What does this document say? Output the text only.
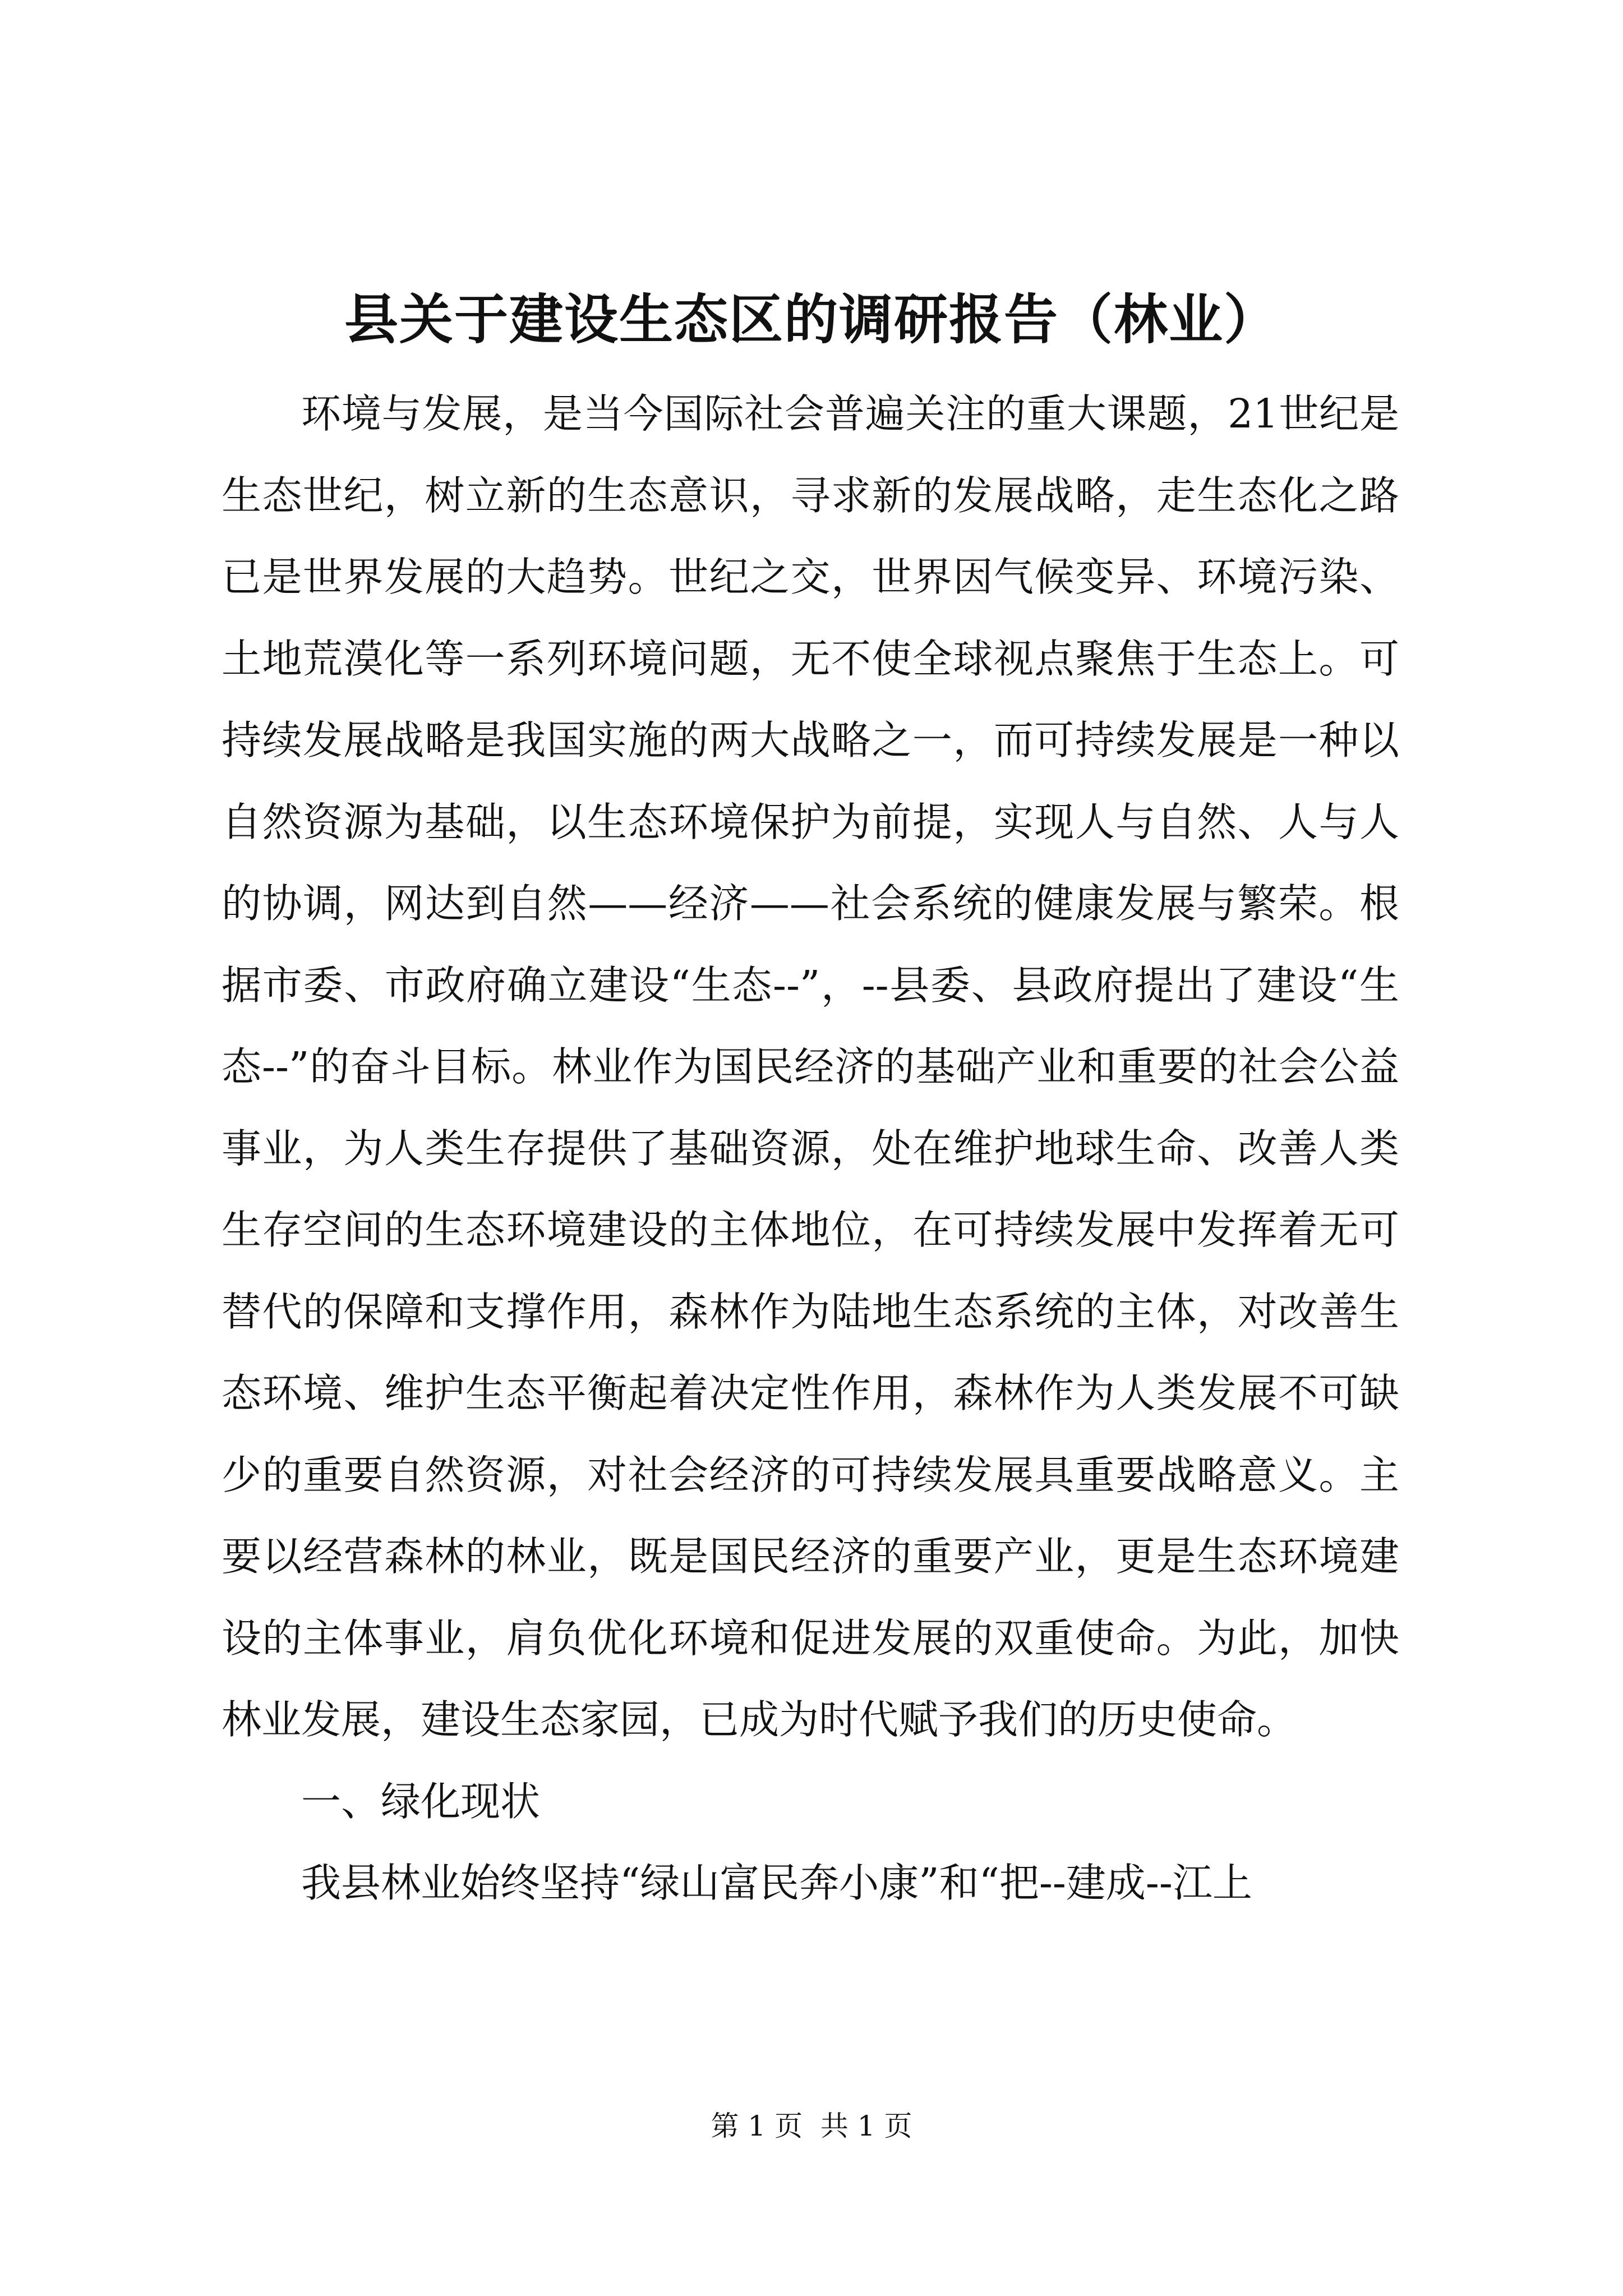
县关于建设生态区的调研报告（林业）

环境与发展，是当今国际社会普遍关注的重大课题，21世纪是生态世纪，树立新的生态意识，寻求新的发展战略，走生态化之路已是世界发展的大趋势。世纪之交，世界因气候变异、环境污染、土地荒漠化等一系列环境问题，无不使全球视点聚焦于生态上。可持续发展战略是我国实施的两大战略之一，而可持续发展是一种以自然资源为基础，以生态环境保护为前提，实现人与自然、人与人的协调，网达到自然——经济——社会系统的健康发展与繁荣。根据市委、市政府确立建设“生态--”，--县委、县政府提出了建设“生态--”的奋斗目标。林业作为国民经济的基础产业和重要的社会公益事业，为人类生存提供了基础资源，处在维护地球生命、改善人类生存空间的生态环境建设的主体地位，在可持续发展中发挥着无可替代的保障和支撑作用，森林作为陆地生态系统的主体，对改善生态环境、维护生态平衡起着决定性作用，森林作为人类发展不可缺少的重要自然资源，对社会经济的可持续发展具重要战略意义。主要以经营森林的林业，既是国民经济的重要产业，更是生态环境建设的主体事业，肩负优化环境和促进发展的双重使命。为此，加快林业发展，建设生态家园，已成为时代赋予我们的历史使命。

一、绿化现状

我县林业始终坚持“绿山富民奔小康”和“把--建成--江上

第 1 页 共 1 页
